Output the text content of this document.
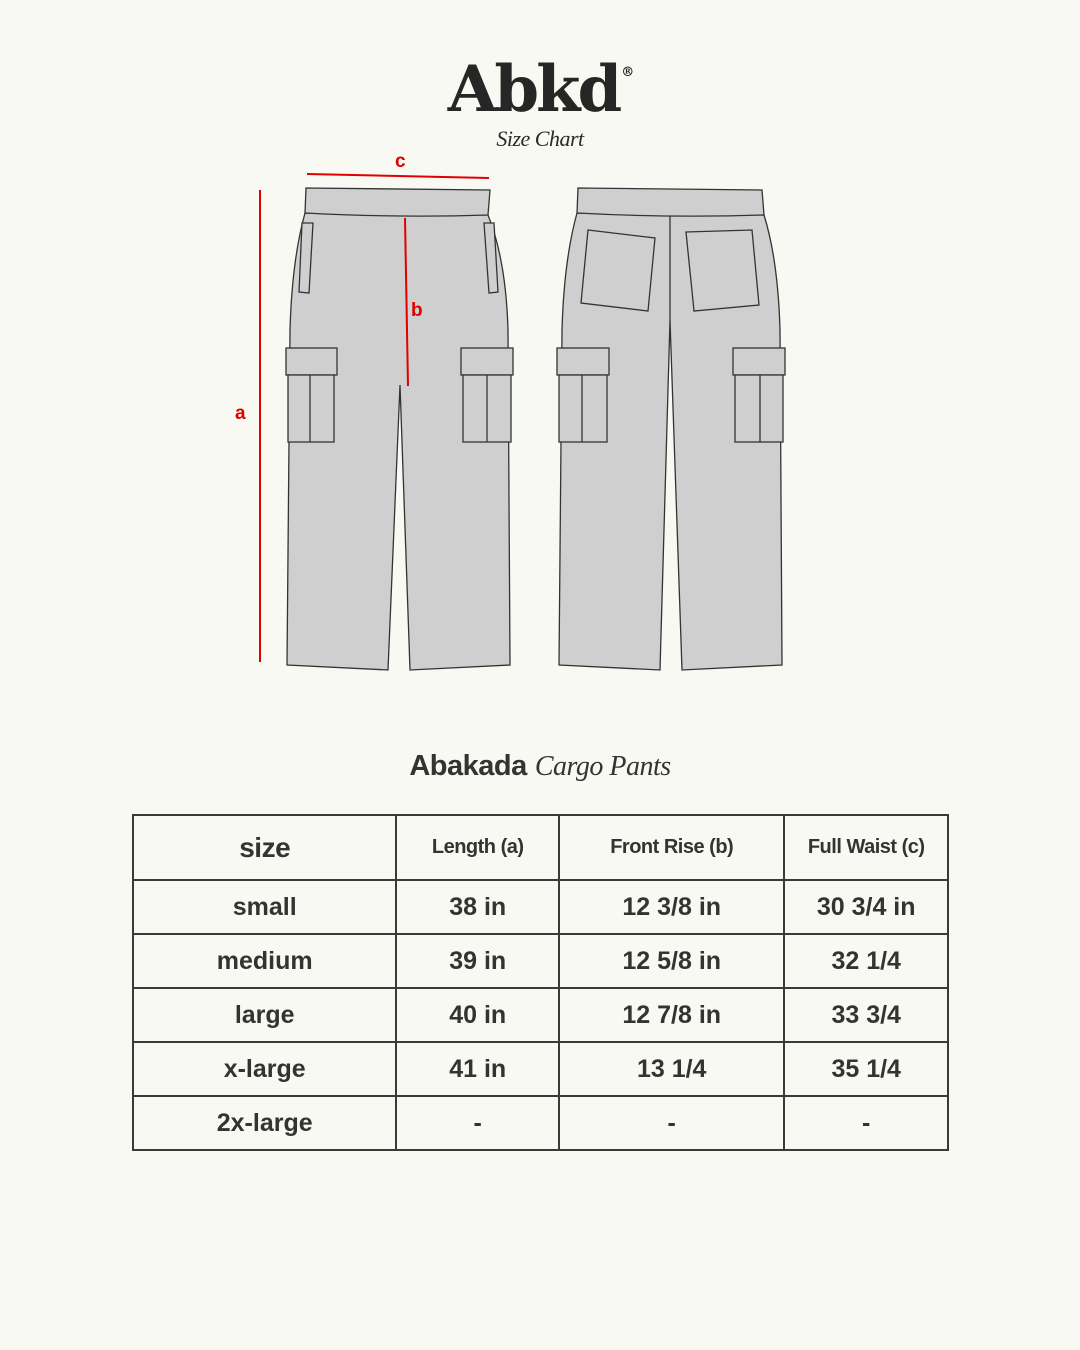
Abkd ®
Size Chart
a
c
b
Abakada Cargo Pants
size	Length (a)	Front Rise (b)	Full Waist (c)
small	38 in	12 3/8 in	30 3/4 in
medium	39 in	12 5/8 in	32 1/4
large	40 in	12 7/8 in	33 3/4
x-large	41 in	13 1/4	35 1/4
2x-large	-	-	-
